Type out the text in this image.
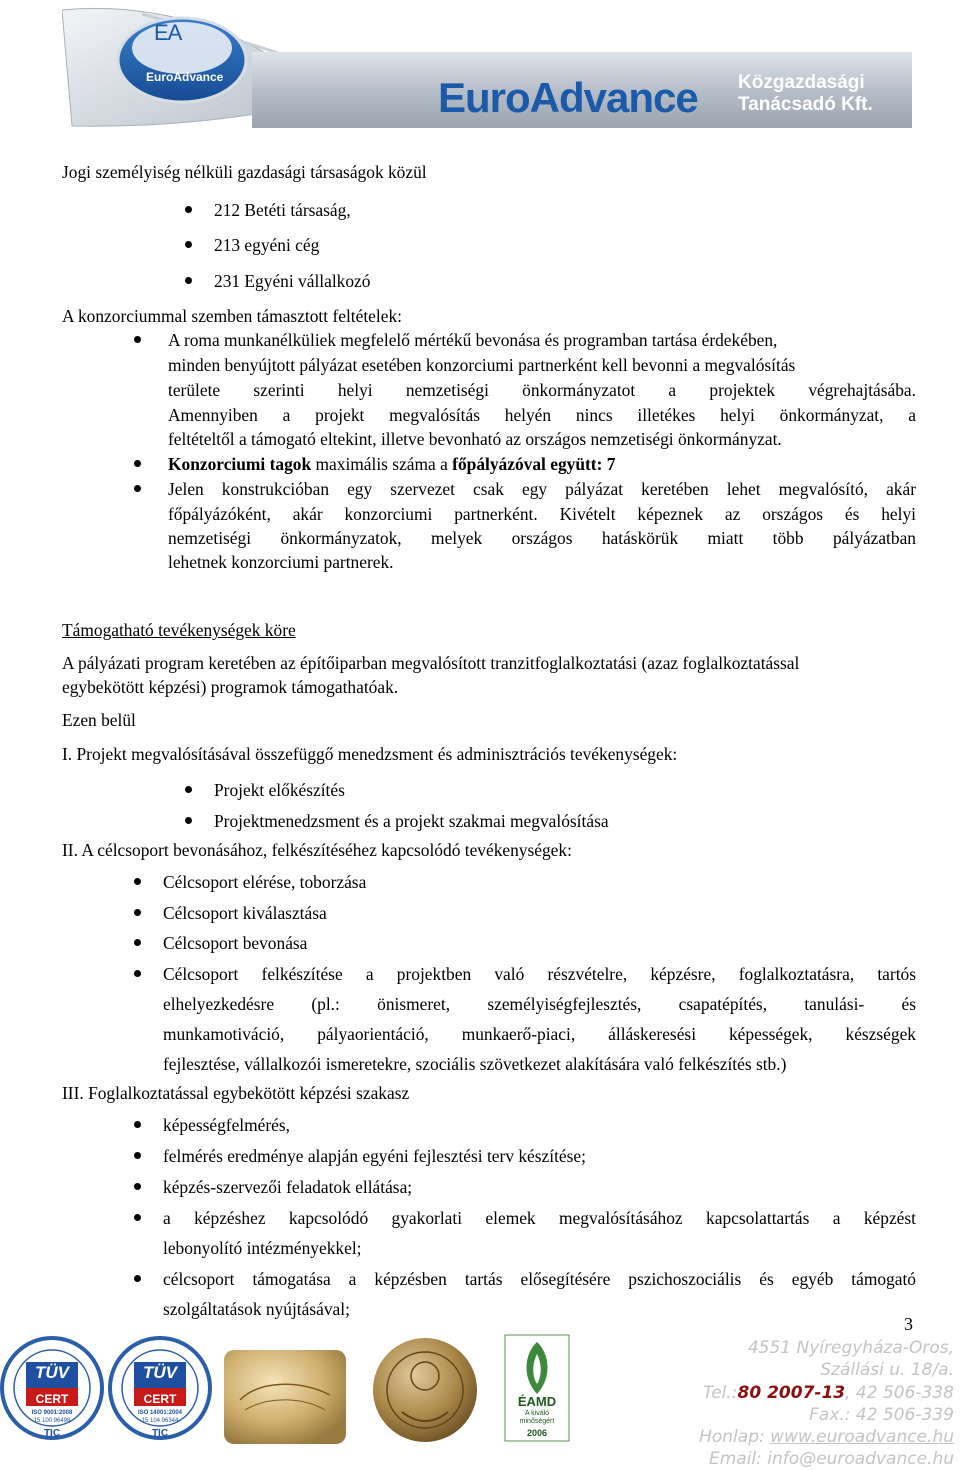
EA
EuroAdvance	EuroAdvance Közgazdasági
Tanácsadó Kft.
Jogi személyiség nélküli gazdasági társaságok közül
212 Betéti társaság,
213 egyéni cég
231 Egyéni vállalkozó
A konzorciummal szemben támasztott feltételek:
A roma munkanélküliek megfelelő mértékű bevonása és programban tartása érdekében,
minden benyújtott pályázat esetében konzorciumi partnerként kell bevonni a megvalósítás
területe szerinti helyi nemzetiségi önkormányzatot a projektek végrehajtásába.
Amennyiben a projekt megvalósítás helyén nincs illetékes helyi önkormányzat, a
feltételtől a támogató eltekint, illetve bevonható az országos nemzetiségi önkormányzat.
Konzorciumi tagok maximális száma a főpályázóval együtt: 7
Jelen konstrukcióban egy szervezet csak egy pályázat keretében lehet megvalósító, akár
főpályázóként, akár konzorciumi partnerként. Kivételt képeznek az országos és helyi
nemzetiségi önkormányzatok, melyek országos hatáskörük miatt több pályázatban
lehetnek konzorciumi partnerek.
Támogatható tevékenységek köre
A pályázati program keretében az építőiparban megvalósított tranzitfoglalkoztatási (azaz foglalkoztatással
egybekötött képzési) programok támogathatóak.
Ezen belül
I. Projekt megvalósításával összefüggő menedzsment és adminisztrációs tevékenységek:
Projekt előkészítés
Projektmenedzsment és a projekt szakmai megvalósítása
II. A célcsoport bevonásához, felkészítéséhez kapcsolódó tevékenységek:
Célcsoport elérése, toborzása
Célcsoport kiválasztása
Célcsoport bevonása
Célcsoport felkészítése a projektben való részvételre, képzésre, foglalkoztatásra, tartós
elhelyezkedésre (pl.: önismeret, személyiségfejlesztés, csapatépítés, tanulási- és
munkamotiváció, pályaorientáció, munkaerő-piaci, álláskeresési képességek, készségek
fejlesztése, vállalkozói ismeretekre, szociális szövetkezet alakítására való felkészítés stb.)
III. Foglalkoztatással egybekötött képzési szakasz
képességfelmérés,
felmérés eredménye alapján egyéni fejlesztési terv készítése;
képzés-szervezői feladatok ellátása;
a képzéshez kapcsolódó gyakorlati elemek megvalósításához kapcsolattartás a képzést
lebonyolító intézményekkel;
célcsoport támogatása a képzésben tartás elősegítésére pszichoszociális és egyéb támogató
szolgáltatások nyújtásával;
3
TÜV
THÜRINGEN
CERT
ISO 9001:2008
15 100 96498
TIC
TÜV
THÜRINGEN
CERT
ISO 14001:2004
15 104 96344
TIC
ÉAMD
A kiváló
minőségért
2006
4551 Nyíregyháza-Oros,
Szállási u. 18/a.
Tel.:80 2007-13, 42 506-338
Fax.: 42 506-339
Honlap: www.euroadvance.hu
Email: info@euroadvance.hu
